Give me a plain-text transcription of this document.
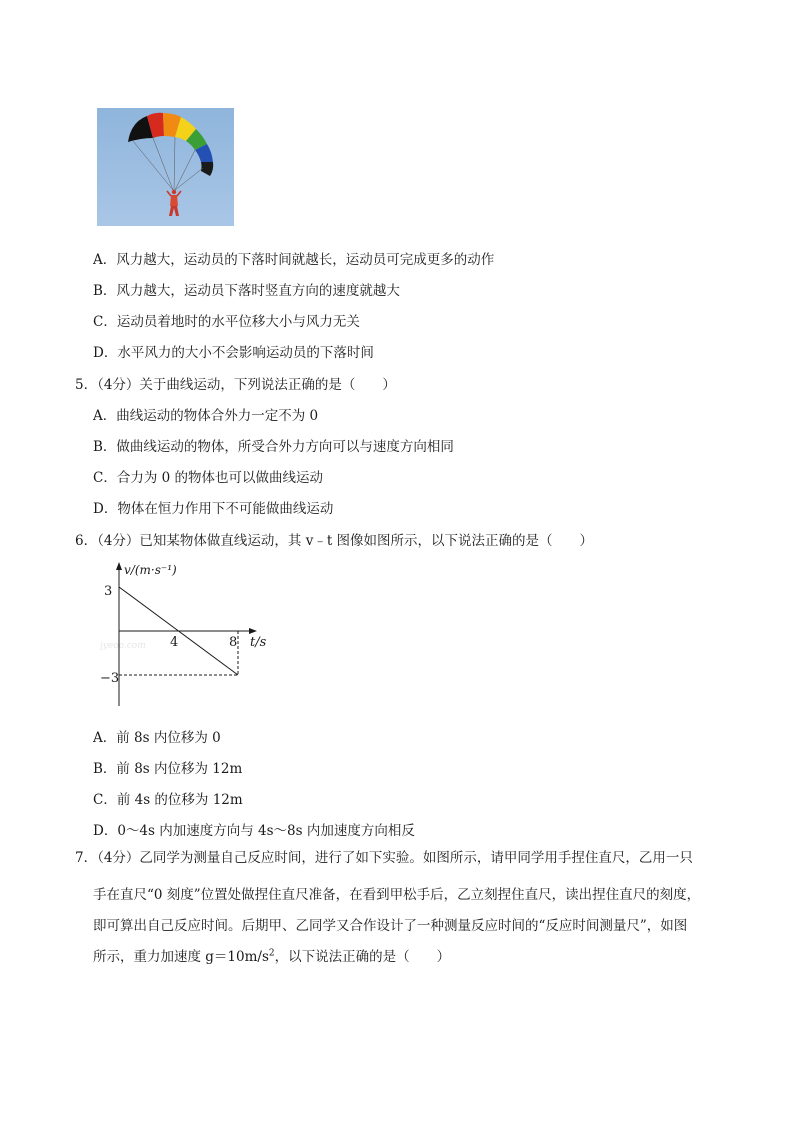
A．风力越大，运动员的下落时间就越长，运动员可完成更多的动作
B．风力越大，运动员下落时竖直方向的速度就越大
C．运动员着地时的水平位移大小与风力无关
D．水平风力的大小不会影响运动员的下落时间
5．（4分）关于曲线运动，下列说法正确的是（　　）
A．曲线运动的物体合外力一定不为 0
B．做曲线运动的物体，所受合外力方向可以与速度方向相同
C．合力为 0 的物体也可以做曲线运动
D．物体在恒力作用下不可能做曲线运动
6．（4分）已知某物体做直线运动，其 v﹣t 图像如图所示，以下说法正确的是（　　）
jyeoo.com
v/(m·s⁻¹)
3
−3
4	8 t/s
A．前 8s 内位移为 0
B．前 8s 内位移为 12m
C．前 4s 的位移为 12m
D．0～4s 内加速度方向与 4s～8s 内加速度方向相反
7．（4分）乙同学为测量自己反应时间，进行了如下实验。如图所示，请甲同学用手捏住直尺，乙用一只
手在直尺“0 刻度”位置处做捏住直尺准备，在看到甲松手后，乙立刻捏住直尺，读出捏住直尺的刻度，
即可算出自己反应时间。后期甲、乙同学又合作设计了一种测量反应时间的“反应时间测量尺”，如图
所示，重力加速度 $g=10m/s^2$，以下说法正确的是（　　）
